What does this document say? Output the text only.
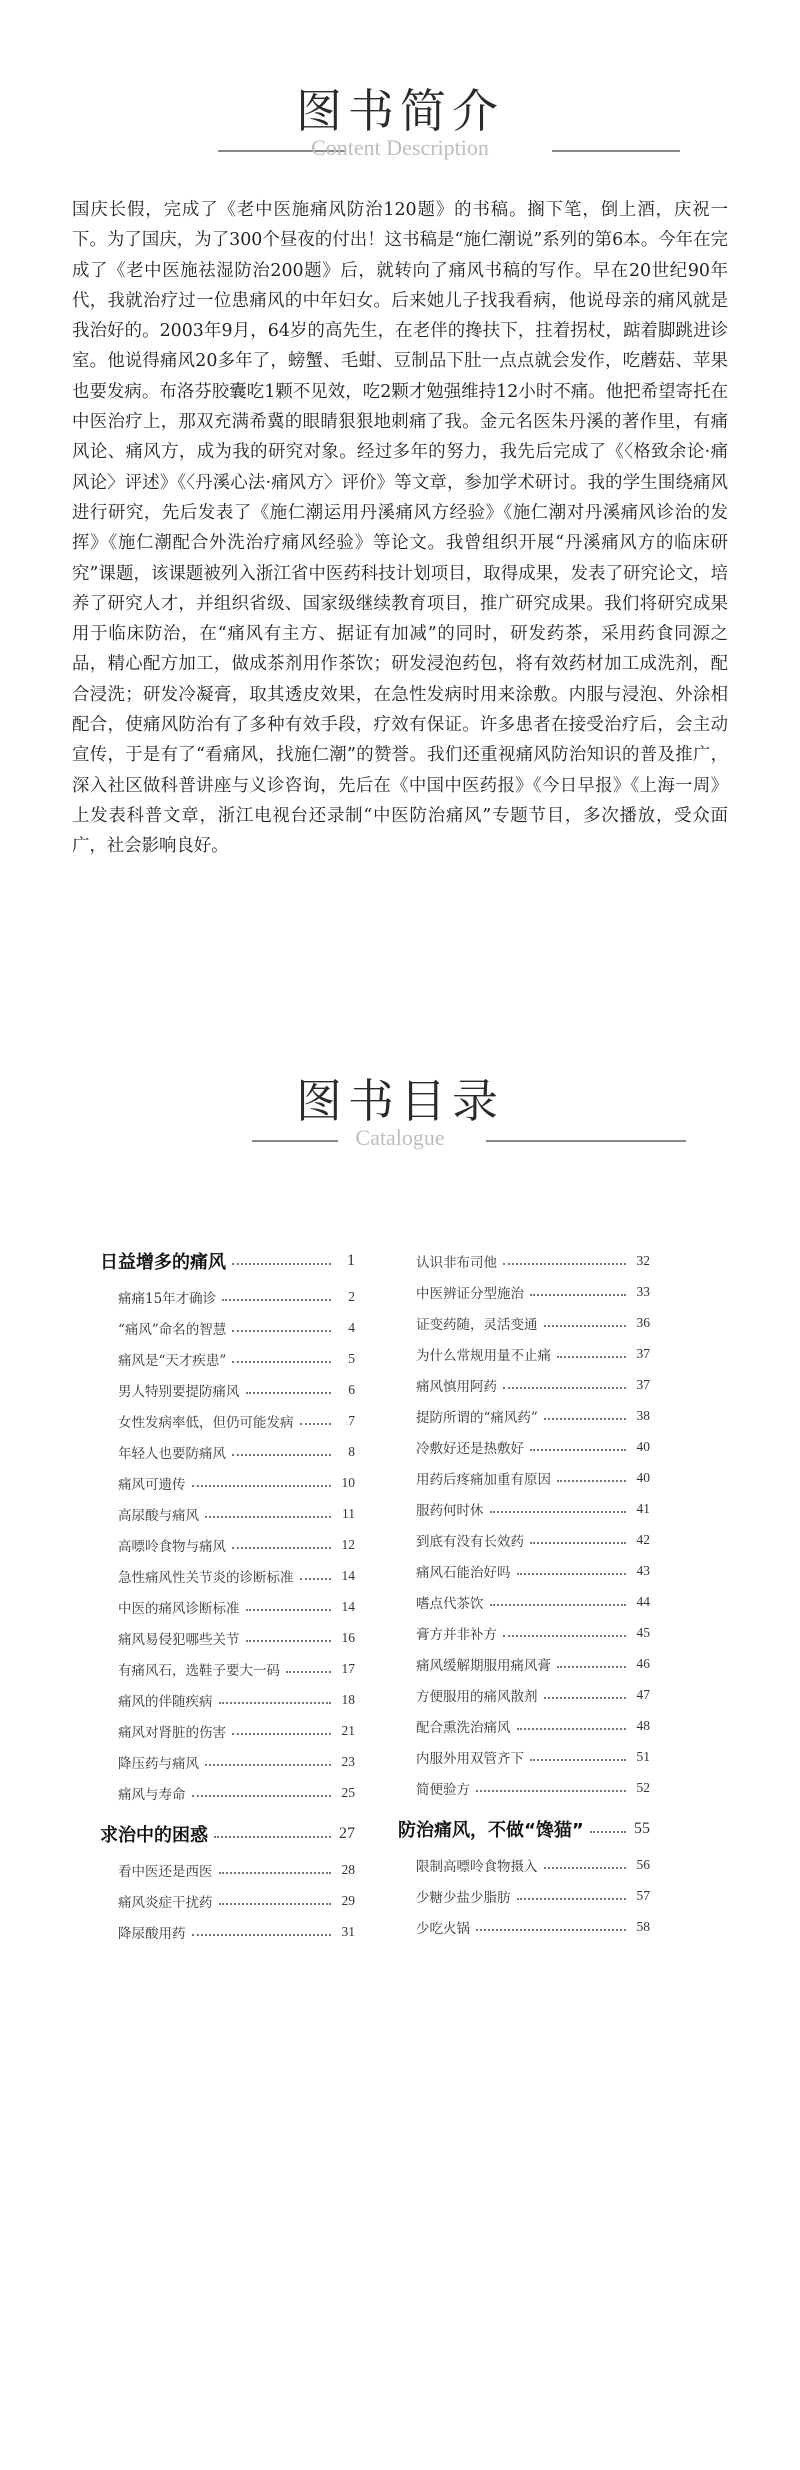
图书简介
Content Description
国庆长假，完成了《老中医施痛风防治120题》的书稿。搁下笔，倒上酒，庆祝一下。为了国庆，为了300个昼夜的付出！这书稿是“施仁潮说”系列的第6本。今年在完成了《老中医施祛湿防治200题》后，就转向了痛风书稿的写作。早在20世纪90年代，我就治疗过一位患痛风的中年妇女。后来她儿子找我看病，他说母亲的痛风就是我治好的。2003年9月，64岁的高先生，在老伴的搀扶下，拄着拐杖，踮着脚跳进诊室。他说得痛风20多年了，螃蟹、毛蚶、豆制品下肚一点点就会发作，吃蘑菇、苹果也要发病。布洛芬胶囊吃1颗不见效，吃2颗才勉强维持12小时不痛。他把希望寄托在中医治疗上，那双充满希冀的眼睛狠狠地刺痛了我。金元名医朱丹溪的著作里，有痛风论、痛风方，成为我的研究对象。经过多年的努力，我先后完成了《〈格致余论·痛风论〉评述》《〈丹溪心法·痛风方〉评价》等文章，参加学术研讨。我的学生围绕痛风进行研究，先后发表了《施仁潮运用丹溪痛风方经验》《施仁潮对丹溪痛风诊治的发挥》《施仁潮配合外洗治疗痛风经验》等论文。我曾组织开展“丹溪痛风方的临床研究”课题，该课题被列入浙江省中医药科技计划项目，取得成果，发表了研究论文，培养了研究人才，并组织省级、国家级继续教育项目，推广研究成果。我们将研究成果用于临床防治，在“痛风有主方、据证有加减”的同时，研发药茶，采用药食同源之品，精心配方加工，做成茶剂用作茶饮；研发浸泡药包，将有效药材加工成洗剂，配合浸洗；研发冷凝膏，取其透皮效果，在急性发病时用来涂敷。内服与浸泡、外涂相配合，使痛风防治有了多种有效手段，疗效有保证。许多患者在接受治疗后，会主动宣传，于是有了“看痛风，找施仁潮”的赞誉。我们还重视痛风防治知识的普及推广，深入社区做科普讲座与义诊咨询，先后在《中国中医药报》《今日早报》《上海一周》上发表科普文章，浙江电视台还录制“中医防治痛风”专题节目，多次播放，受众面广，社会影响良好。
图书目录
Catalogue
日益增多的痛风	1
痛痛15年才确诊	2
“痛风”命名的智慧	4
痛风是“天才疾患”	5
男人特别要提防痛风	6
女性发病率低，但仍可能发病	7
年轻人也要防痛风	8
痛风可遗传	10
高尿酸与痛风	11
高嘌呤食物与痛风	12
急性痛风性关节炎的诊断标准	14
中医的痛风诊断标准	14
痛风易侵犯哪些关节	16
有痛风石，选鞋子要大一码	17
痛风的伴随疾病	18
痛风对肾脏的伤害	21
降压药与痛风	23
痛风与寿命	25
求治中的困惑	27
看中医还是西医	28
痛风炎症干扰药	29
降尿酸用药	31
认识非布司他	32
中医辨证分型施治	33
证变药随，灵活变通	36
为什么常规用量不止痛	37
痛风慎用阿药	37
提防所谓的“痛风药”	38
冷敷好还是热敷好	40
用药后疼痛加重有原因	40
服药何时休	41
到底有没有长效药	42
痛风石能治好吗	43
嗜点代茶饮	44
膏方并非补方	45
痛风缓解期服用痛风膏	46
方便服用的痛风散剂	47
配合熏洗治痛风	48
内服外用双管齐下	51
简便验方	52
防治痛风，不做“馋猫”	55
限制高嘌呤食物摄入	56
少糖少盐少脂肪	57
少吃火锅	58
